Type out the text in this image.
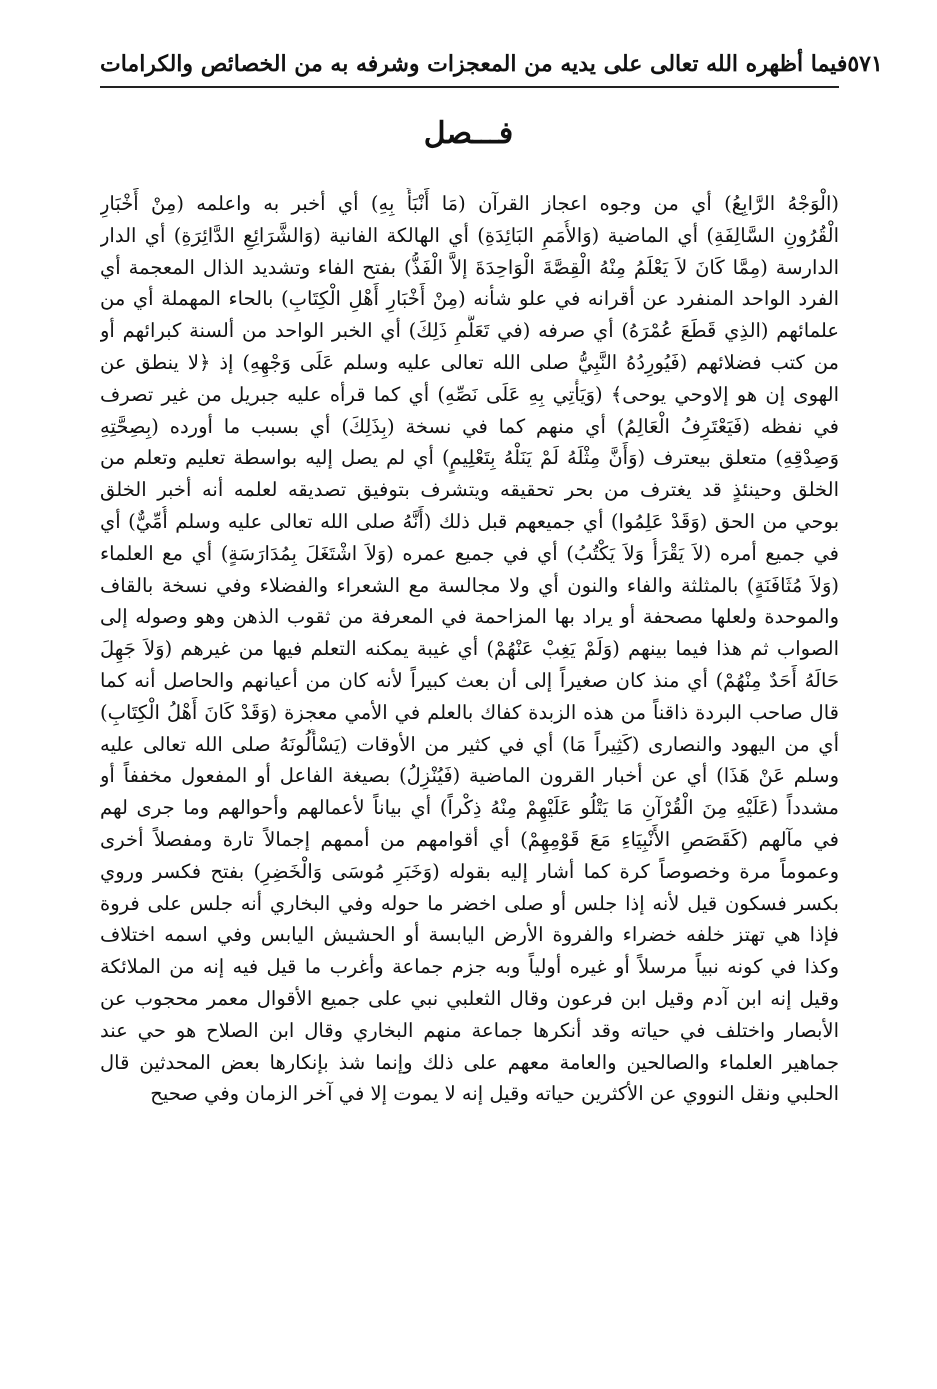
فيما أظهره الله تعالى على يديه من المعجزات وشرفه به من الخصائص والكرامات ٥٧١
فـــصل
(الْوَجْهُ الرَّابِعُ) أي من وجوه اعجاز القرآن (مَا أَنْبَأَ بِهِ) أي أخبر به واعلمه (مِنْ أَخْبَارِ
الْقُرُونِ السَّالِفَةِ) أي الماضية (وَالأُمَمِ البَائِدَةِ) أي الهالكة الفانية (وَالشَّرَائِعِ الدَّائِرَةِ) أي الدار
الدارسة (مِمَّا كَانَ لاَ يَعْلَمُ مِنْهُ الْقِصَّةَ الْوَاحِدَةَ إلاَّ الْفَذُّ) بفتح الفاء وتشديد الذال المعجمة أي
الفرد الواحد المنفرد عن أقرانه في علو شأنه (مِنْ أَخْبَارِ أَهْلِ الْكِتَابِ) بالحاء المهملة أي من
علمائهم (الذِي قَطَعَ عُمْرَهُ) أي صرفه (في تَعَلُّمِ ذَلِكَ) أي الخبر الواحد من ألسنة كبرائهم أو
من كتب فضلائهم (فَيُورِدُهُ النَّبِيُّ صلى الله تعالى عليه وسلم عَلَى وَجْهِهِ) إذ ﴿لا ينطق عن
الهوى إن هو إلاوحي يوحى﴾ (وَيَأْتِي بِهِ عَلَى نَصِّهِ) أي كما قرأه عليه جبريل من غير تصرف
في نفظه (فَيَعْتَرِفُ الْعَالِمُ) أي منهم كما في نسخة (بِذَلِكَ) أي بسبب ما أورده (بِصِحَّتِهِ
وَصِدْقِهِ) متعلق بيعترف (وَأَنَّ مِثْلَهُ لَمْ يَنَلْهُ بِتَعْلِيمٍ) أي لم يصل إليه بواسطة تعليم وتعلم من
الخلق وحينئذٍ قد يغترف من بحر تحقيقه ويتشرف بتوفيق تصديقه لعلمه أنه أخبر الخلق
بوحي من الحق (وَقَدْ عَلِمُوا) أي جميعهم قبل ذلك (أَنَّهُ صلى الله تعالى عليه وسلم أُمِّيٌّ) أي
في جميع أمره (لاَ يَقْرَأُ وَلاَ يَكْتُبُ) أي في جميع عمره (وَلاَ اشْتَغَلَ بِمُدَارَسَةٍ) أي مع العلماء
(وَلاَ مُثَافَنَةٍ) بالمثلثة والفاء والنون أي ولا مجالسة مع الشعراء والفضلاء وفي نسخة بالقاف
والموحدة ولعلها مصحفة أو يراد بها المزاحمة في المعرفة من ثقوب الذهن وهو وصوله إلى
الصواب ثم هذا فيما بينهم (وَلَمْ يَغِبْ عَنْهُمْ) أي غيبة يمكنه التعلم فيها من غيرهم (وَلاَ جَهِلَ
حَالَهُ أَحَدٌ مِنْهُمْ) أي منذ كان صغيراً إلى أن بعث كبيراً لأنه كان من أعيانهم والحاصل أنه كما
قال صاحب البردة ذاقناً من هذه الزبدة كفاك بالعلم في الأمي معجزة (وَقَدْ كَانَ أَهْلُ الْكِتَابِ)
أي من اليهود والنصارى (كَثِيراً مَا) أي في كثير من الأوقات (يَسْأَلُونَهُ صلى الله تعالى عليه
وسلم عَنْ هَذَا) أي عن أخبار القرون الماضية (فَيُنْزِلُ) بصيغة الفاعل أو المفعول مخففاً أو
مشدداً (عَلَيْهِ مِنَ الْقُرْآنِ مَا يَتْلُو عَلَيْهِمْ مِنْهُ ذِكْراً) أي بياناً لأعمالهم وأحوالهم وما جرى لهم
في مآلهم (كَقَصَصِ الأَنْبِيَاءِ مَعَ قَوْمِهِمْ) أي أقوامهم من أممهم إجمالاً تارة ومفصلاً أخرى
وعموماً مرة وخصوصاً كرة كما أشار إليه بقوله (وَخَبَرِ مُوسَى وَالْخَضِرِ) بفتح فكسر وروي
بكسر فسكون قيل لأنه إذا جلس أو صلى اخضر ما حوله وفي البخاري أنه جلس على فروة
فإذا هي تهتز خلفه خضراء والفروة الأرض اليابسة أو الحشيش اليابس وفي اسمه اختلاف
وكذا في كونه نبياً مرسلاً أو غيره أولياً وبه جزم جماعة وأغرب ما قيل فيه إنه من الملائكة
وقيل إنه ابن آدم وقيل ابن فرعون وقال الثعلبي نبي على جميع الأقوال معمر محجوب عن
الأبصار واختلف في حياته وقد أنكرها جماعة منهم البخاري وقال ابن الصلاح هو حي عند
جماهير العلماء والصالحين والعامة معهم على ذلك وإنما شذ بإنكارها بعض المحدثين قال
الحلبي ونقل النووي عن الأكثرين حياته وقيل إنه لا يموت إلا في آخر الزمان وفي صحيح
